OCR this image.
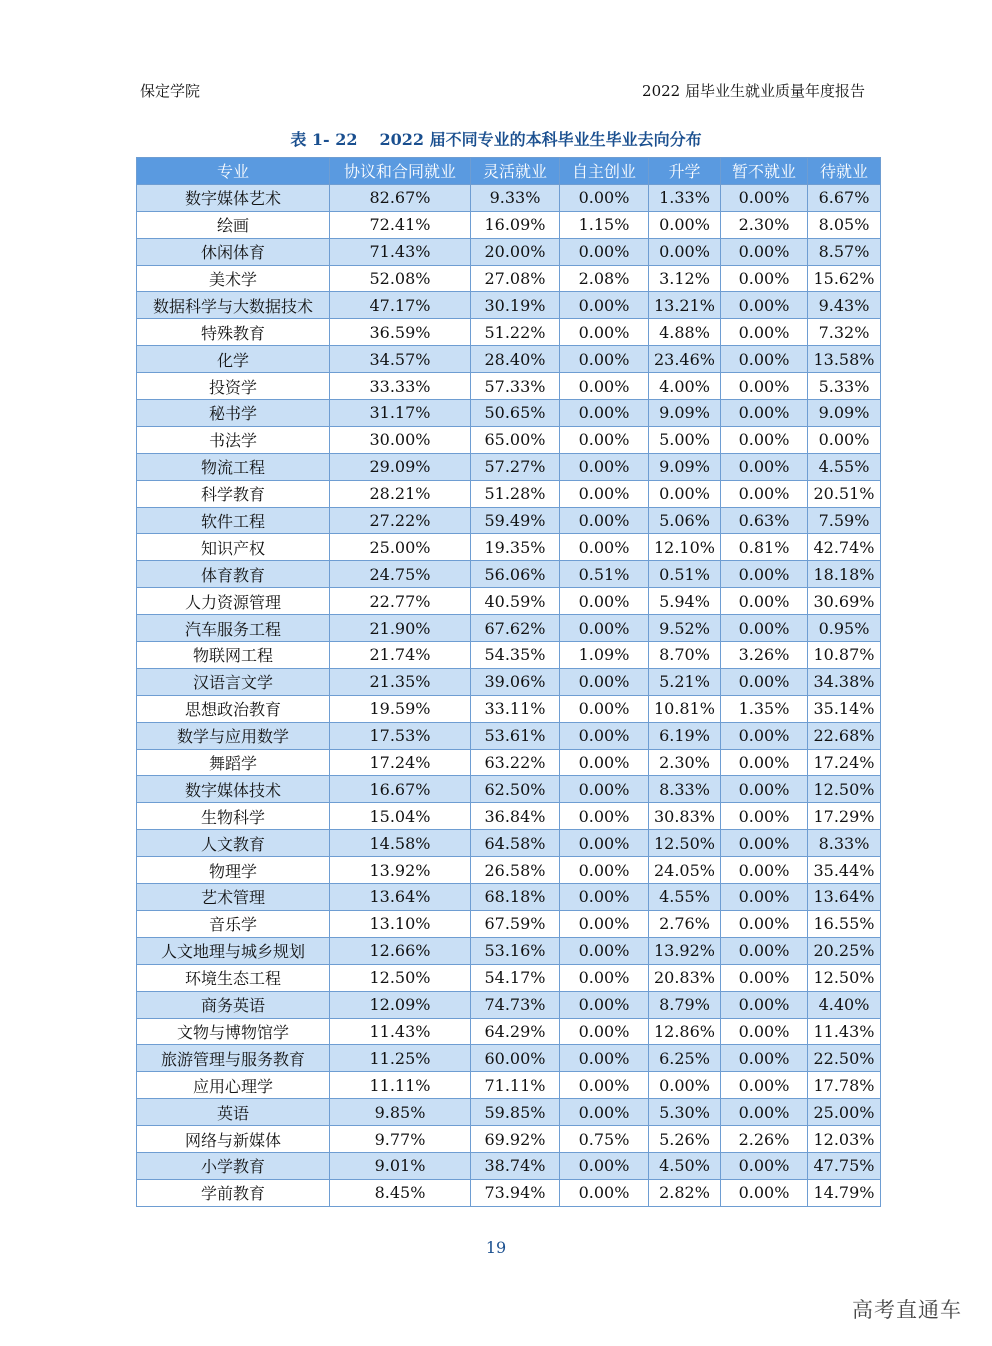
保定学院	2022 届毕业生就业质量年度报告
表 1- 22 2022 届不同专业的本科毕业生毕业去向分布
专业	协议和合同就业	灵活就业	自主创业	升学	暂不就业	待就业
数字媒体艺术	82.67%	9.33%	0.00%	1.33%	0.00%	6.67%
绘画	72.41%	16.09%	1.15%	0.00%	2.30%	8.05%
休闲体育	71.43%	20.00%	0.00%	0.00%	0.00%	8.57%
美术学	52.08%	27.08%	2.08%	3.12%	0.00%	15.62%
数据科学与大数据技术	47.17%	30.19%	0.00%	13.21%	0.00%	9.43%
特殊教育	36.59%	51.22%	0.00%	4.88%	0.00%	7.32%
化学	34.57%	28.40%	0.00%	23.46%	0.00%	13.58%
投资学	33.33%	57.33%	0.00%	4.00%	0.00%	5.33%
秘书学	31.17%	50.65%	0.00%	9.09%	0.00%	9.09%
书法学	30.00%	65.00%	0.00%	5.00%	0.00%	0.00%
物流工程	29.09%	57.27%	0.00%	9.09%	0.00%	4.55%
科学教育	28.21%	51.28%	0.00%	0.00%	0.00%	20.51%
软件工程	27.22%	59.49%	0.00%	5.06%	0.63%	7.59%
知识产权	25.00%	19.35%	0.00%	12.10%	0.81%	42.74%
体育教育	24.75%	56.06%	0.51%	0.51%	0.00%	18.18%
人力资源管理	22.77%	40.59%	0.00%	5.94%	0.00%	30.69%
汽车服务工程	21.90%	67.62%	0.00%	9.52%	0.00%	0.95%
物联网工程	21.74%	54.35%	1.09%	8.70%	3.26%	10.87%
汉语言文学	21.35%	39.06%	0.00%	5.21%	0.00%	34.38%
思想政治教育	19.59%	33.11%	0.00%	10.81%	1.35%	35.14%
数学与应用数学	17.53%	53.61%	0.00%	6.19%	0.00%	22.68%
舞蹈学	17.24%	63.22%	0.00%	2.30%	0.00%	17.24%
数字媒体技术	16.67%	62.50%	0.00%	8.33%	0.00%	12.50%
生物科学	15.04%	36.84%	0.00%	30.83%	0.00%	17.29%
人文教育	14.58%	64.58%	0.00%	12.50%	0.00%	8.33%
物理学	13.92%	26.58%	0.00%	24.05%	0.00%	35.44%
艺术管理	13.64%	68.18%	0.00%	4.55%	0.00%	13.64%
音乐学	13.10%	67.59%	0.00%	2.76%	0.00%	16.55%
人文地理与城乡规划	12.66%	53.16%	0.00%	13.92%	0.00%	20.25%
环境生态工程	12.50%	54.17%	0.00%	20.83%	0.00%	12.50%
商务英语	12.09%	74.73%	0.00%	8.79%	0.00%	4.40%
文物与博物馆学	11.43%	64.29%	0.00%	12.86%	0.00%	11.43%
旅游管理与服务教育	11.25%	60.00%	0.00%	6.25%	0.00%	22.50%
应用心理学	11.11%	71.11%	0.00%	0.00%	0.00%	17.78%
英语	9.85%	59.85%	0.00%	5.30%	0.00%	25.00%
网络与新媒体	9.77%	69.92%	0.75%	5.26%	2.26%	12.03%
小学教育	9.01%	38.74%	0.00%	4.50%	0.00%	47.75%
学前教育	8.45%	73.94%	0.00%	2.82%	0.00%	14.79%
19
高考直通车
